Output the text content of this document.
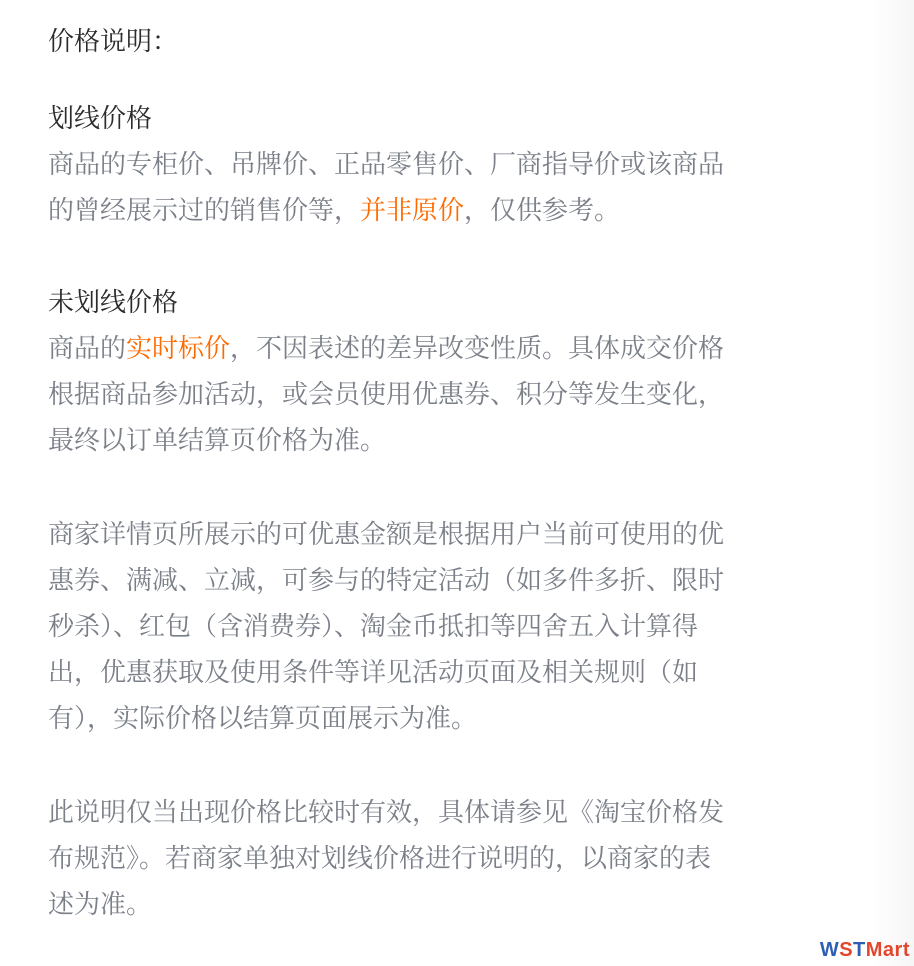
价格说明：
划线价格
商品的专柜价、吊牌价、正品零售价、厂商指导价或该商品
的曾经展示过的销售价等，并非原价，仅供参考。
未划线价格
商品的实时标价，不因表述的差异改变性质。具体成交价格
根据商品参加活动，或会员使用优惠券、积分等发生变化，
最终以订单结算页价格为准。
商家详情页所展示的可优惠金额是根据用户当前可使用的优
惠券、满减、立减，可参与的特定活动（如多件多折、限时
秒杀）、红包（含消费券）、淘金币抵扣等四舍五入计算得
出，优惠获取及使用条件等详见活动页面及相关规则（如
有），实际价格以结算页面展示为准。
此说明仅当出现价格比较时有效，具体请参见《淘宝价格发
布规范》。若商家单独对划线价格进行说明的，以商家的表
述为准。
WSTMart
